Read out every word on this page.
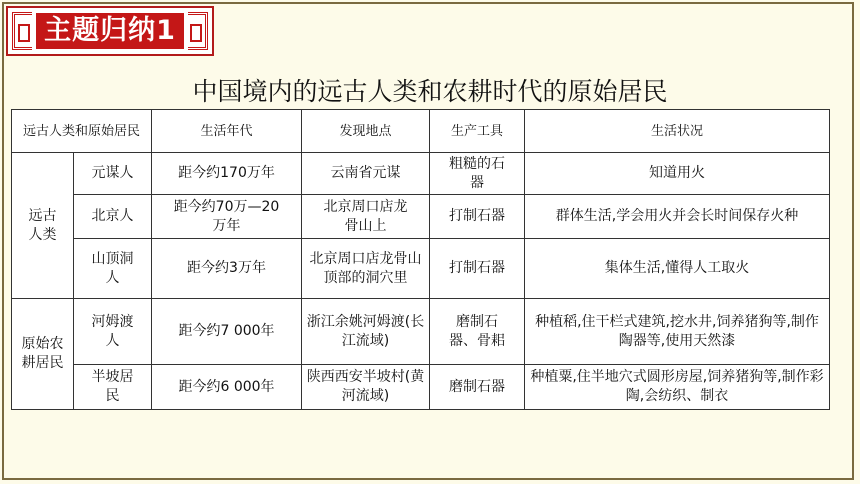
主题归纳1
中国境内的远古人类和农耕时代的原始居民
远古人类和原始居民		生活年代	发现地点	生产工具	生活状况
远古人类	元谋人	距今约170万年	云南省元谋	粗糙的石器	知道用火
	北京人	距今约70万—20万年	北京周口店龙骨山上	打制石器	群体生活,学会用火并会长时间保存火种
	山顶洞人	距今约3万年	北京周口店龙骨山顶部的洞穴里	打制石器	集体生活,懂得人工取火
原始农耕居民	河姆渡人	距今约7 000年	浙江余姚河姆渡(长江流域)	磨制石器、骨耜	种植稻,住干栏式建筑,挖水井,饲养猪狗等,制作陶器等,使用天然漆
	半坡居民	距今约6 000年	陕西西安半坡村(黄河流域)	磨制石器	种植粟,住半地穴式圆形房屋,饲养猪狗等,制作彩陶,会纺织、制衣
